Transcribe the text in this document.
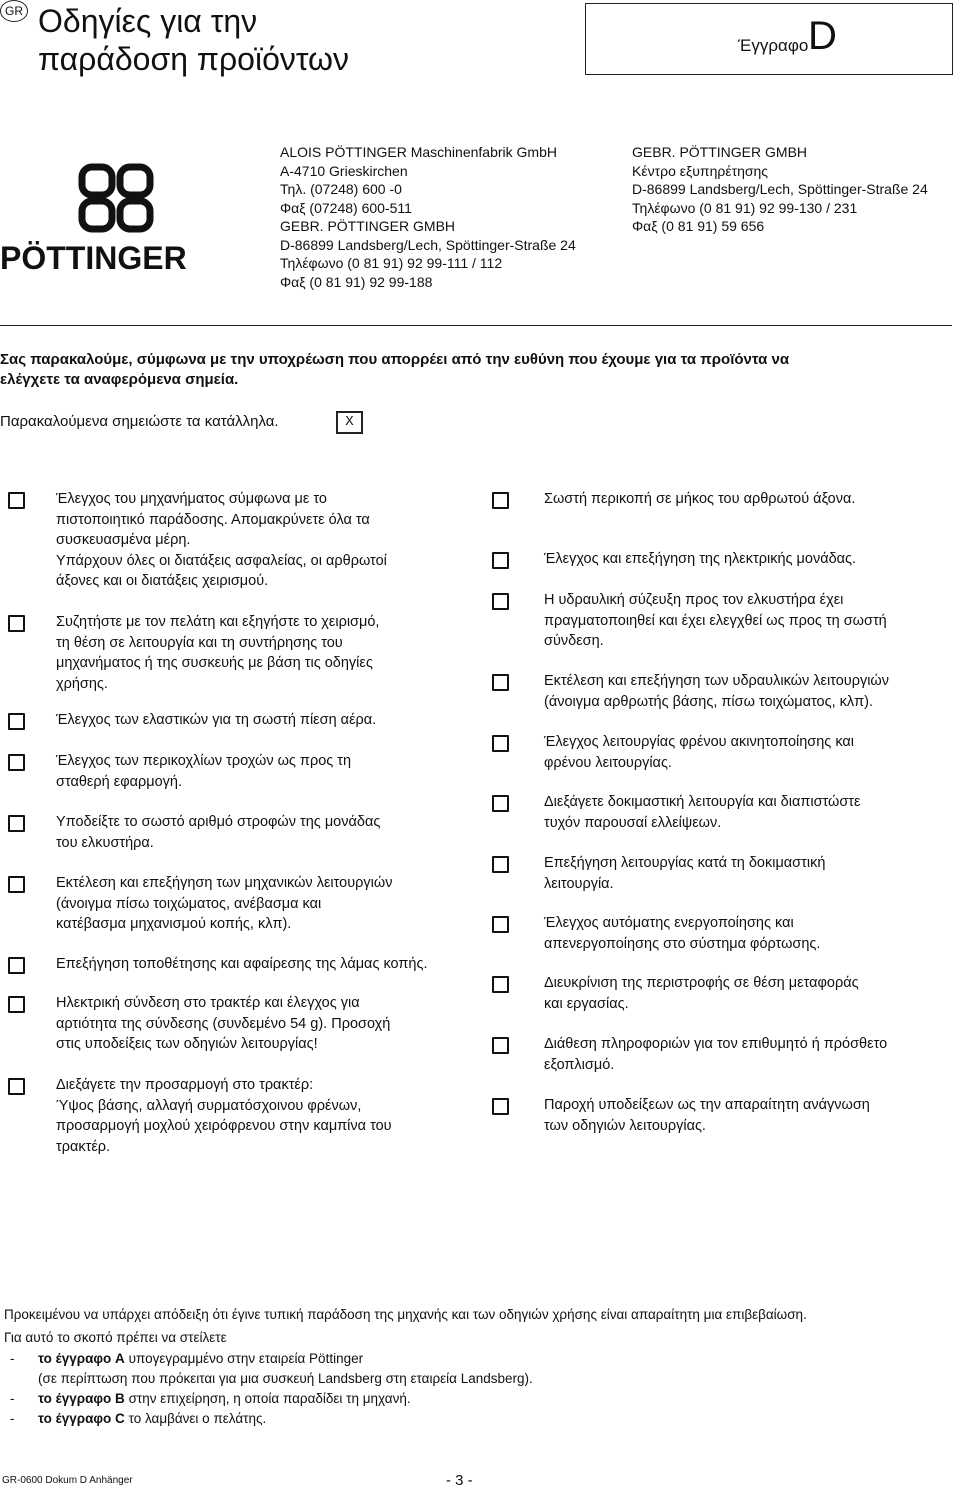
GR Οδηγίες για την
παράδοση προϊόντων	Έγγραφο D
PÖTTINGER
ALOIS PÖTTINGER Maschinenfabrik GmbH
A-4710 Grieskirchen
Τηλ. (07248) 600 -0
Φαξ (07248) 600-511
GEBR. PÖTTINGER GMBH
D-86899 Landsberg/Lech, Spöttinger-Straße 24
Τηλέφωνο (0 81 91) 92 99-111 / 112
Φαξ (0 81 91) 92 99-188
GEBR. PÖTTINGER GMBH
Κέντρο εξυπηρέτησης
D-86899 Landsberg/Lech, Spöttinger-Straße 24
Τηλέφωνο (0 81 91) 92 99-130 / 231
Φαξ (0 81 91) 59 656
Σας παρακαλούμε, σύμφωνα με την υποχρέωση που απορρέει από την ευθύνη που έχουμε για τα προϊόντα να
ελέγχετε τα αναφερόμενα σημεία.
Παρακαλούμενα σημειώστε τα κατάλληλα.	X
Έλεγχος του μηχανήματος σύμφωνα με το
πιστοποιητικό παράδοσης. Απομακρύνετε όλα τα
συσκευασμένα μέρη.
Υπάρχουν όλες οι διατάξεις ασφαλείας, οι αρθρωτοί
άξονες και οι διατάξεις χειρισμού.
Συζητήστε με τον πελάτη και εξηγήστε το χειρισμό,
τη θέση σε λειτουργία και τη συντήρησης του
μηχανήματος ή της συσκευής με βάση τις οδηγίες
χρήσης.
Έλεγχος των ελαστικών για τη σωστή πίεση αέρα.
Έλεγχος των περικοχλίων τροχών ως προς τη
σταθερή εφαρμογή.
Υποδείξτε το σωστό αριθμό στροφών της μονάδας
του ελκυστήρα.
Εκτέλεση και επεξήγηση των μηχανικών λειτουργιών
(άνοιγμα πίσω τοιχώματος, ανέβασμα και
κατέβασμα μηχανισμού κοπής, κλπ).
Επεξήγηση τοποθέτησης και αφαίρεσης της λάμας κοπής.
Ηλεκτρική σύνδεση στο τρακτέρ και έλεγχος για
αρτιότητα της σύνδεσης (συνδεμένο 54 g). Προσοχή
στις υποδείξεις των οδηγιών λειτουργίας!
Διεξάγετε την προσαρμογή στο τρακτέρ:
Ύψος βάσης, αλλαγή συρματόσχοινου φρένων,
προσαρμογή μοχλού χειρόφρενου στην καμπίνα του
τρακτέρ.
Σωστή περικοπή σε μήκος του αρθρωτού άξονα.
Έλεγχος και επεξήγηση της ηλεκτρικής μονάδας.
Η υδραυλική σύζευξη προς τον ελκυστήρα έχει
πραγματοποιηθεί και έχει ελεγχθεί ως προς τη σωστή
σύνδεση.
Εκτέλεση και επεξήγηση των υδραυλικών λειτουργιών
(άνοιγμα αρθρωτής βάσης, πίσω τοιχώματος, κλπ).
Έλεγχος λειτουργίας φρένου ακινητοποίησης και
φρένου λειτουργίας.
Διεξάγετε δοκιμαστική λειτουργία και διαπιστώστε
τυχόν παρουσαί ελλείψεων.
Επεξήγηση λειτουργίας κατά τη δοκιμαστική
λειτουργία.
Έλεγχος αυτόματης ενεργοποίησης και
απενεργοποίησης στο σύστημα φόρτωσης.
Διευκρίνιση της περιστροφής σε θέση μεταφοράς
και εργασίας.
Διάθεση πληροφοριών για τον επιθυμητό ή πρόσθετο
εξοπλισμό.
Παροχή υποδείξεων ως την απαραίτητη ανάγνωση
των οδηγιών λειτουργίας.
Προκειμένου να υπάρχει απόδειξη ότι έγινε τυπική παράδοση της μηχανής και των οδηγιών χρήσης είναι απαραίτητη μια επιβεβαίωση.
Για αυτό το σκοπό πρέπει να στείλετε
- το έγγραφο A υπογεγραμμένο στην εταιρεία Pöttinger
(σε περίπτωση που πρόκειται για μια συσκευή Landsberg στη εταιρεία Landsberg).
- το έγγραφο B στην επιχείρηση, η οποία παραδίδει τη μηχανή.
- το έγγραφο C το λαμβάνει ο πελάτης.
GR-0600 Dokum D Anhänger	- 3 -
